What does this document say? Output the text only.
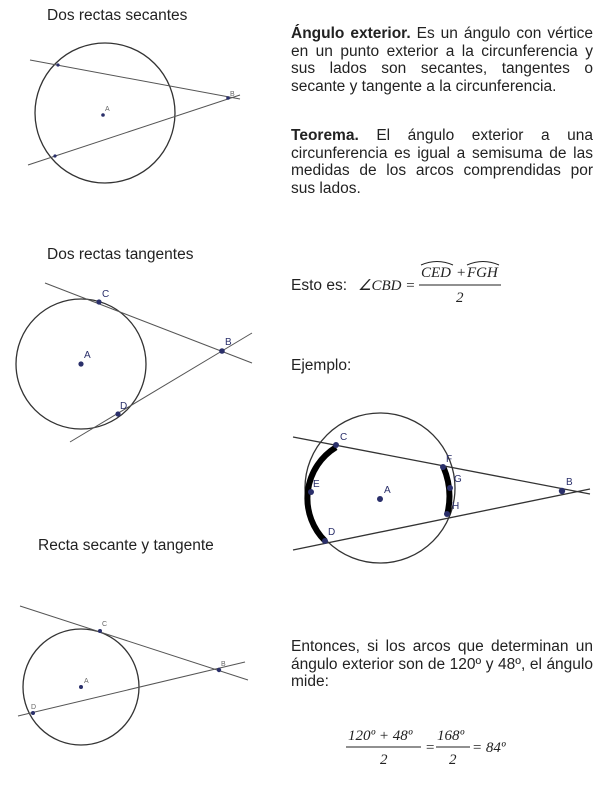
Dos rectas secantes

Dos rectas tangentes

Recta secante y tangente

Ángulo exterior. Es un ángulo con vértice en un punto exterior a la circunferencia y sus lados son secantes, tangentes o secante y tangente a la circunferencia.

Teorema. El ángulo exterior a una circunferencia es igual a semisuma de las medidas de los arcos comprendidas por sus lados.

Esto es:

Ejemplo:

Entonces, si los arcos que determinan un ángulo exterior son de 120º y 48º, el ángulo mide:

A
B
A
B
C
D
A
B
C
D
∠CBD =
CED + FGH
2
A
B
C
D
E
F
G
H
120º + 48º
2
=
168º
2
= 84º
